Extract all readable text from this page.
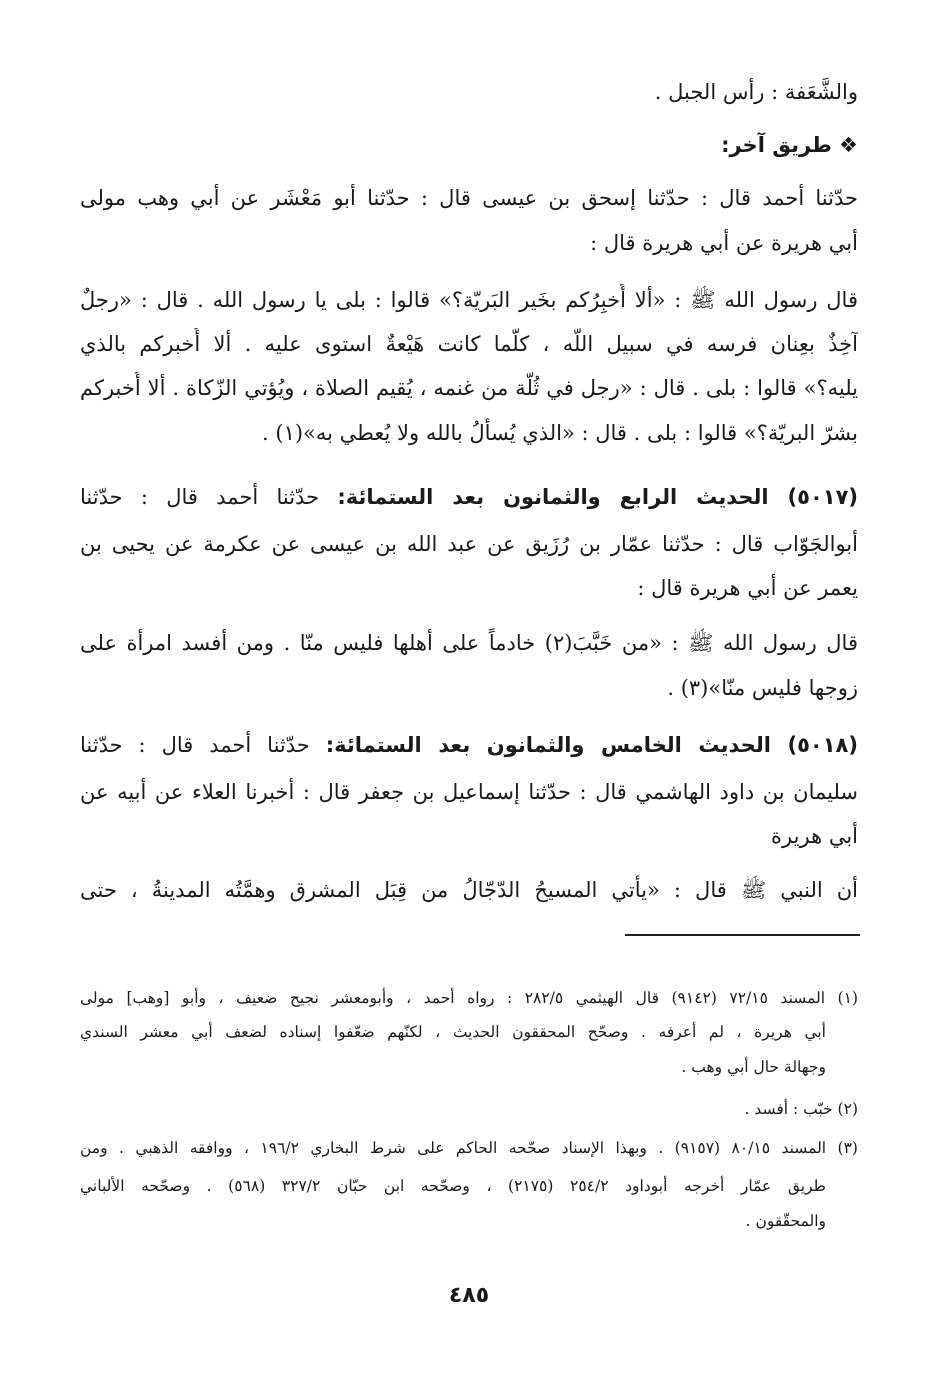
والشَّعَفة : رأس الجبل .
❖ طريق آخر:
حدّثنا أحمد قال : حدّثنا إسحق بن عيسى قال : حدّثنا أبو مَعْشَر عن أبي وهب مولى
أبي هريرة عن أبي هريرة قال :
قال رسول الله ﷺ : «ألا أُخبِرُكم بخَير البَريّة؟» قالوا : بلى يا رسول الله . قال : «رجلٌ
آخِذٌ بعِنان فرسه في سبيل اللّه ، كلّما كانت هَيْعةٌ استوى عليه . ألا أُخبركم بالذي
يليه؟» قالوا : بلى . قال : «رجل في ثُلّة من غنمه ، يُقيم الصلاة ، ويُؤتي الزّكاة . ألا أُخبركم
بشرّ البريّة؟» قالوا : بلى . قال : «الذي يُسألُ بالله ولا يُعطي به»(١) .
(٥٠١٧) الحديث الرابع والثمانون بعد الستمائة: حدّثنا أحمد قال : حدّثنا
أبوالجَوّاب قال : حدّثنا عمّار بن رُزَيق عن عبد الله بن عيسى عن عكرمة عن يحيى بن
يعمر عن أبي هريرة قال :
قال رسول الله ﷺ : «من خَبَّبَ(٢) خادماً على أهلها فليس منّا . ومن أفسد امرأة على
زوجها فليس منّا»(٣) .
(٥٠١٨) الحديث الخامس والثمانون بعد الستمائة: حدّثنا أحمد قال : حدّثنا
سليمان بن داود الهاشمي قال : حدّثنا إسماعيل بن جعفر قال : أخبرنا العلاء عن أبيه عن
أبي هريرة
أن النبي ﷺ قال : «يأتي المسيحُ الدّجّالُ من قِبَل المشرق وهمَّتُه المدينةُ ، حتى
(١) المسند ٧٢/١٥ (٩١٤٢) قال الهيثمي ٢٨٢/٥ : رواه أحمد ، وأبومعشر نجيح ضعيف ، وأبو [وهب] مولى
أبي هريرة ، لم أعرفه . وصحّح المحققون الحديث ، لكنّهم ضعّفوا إسناده لضعف أبي معشر السندي
وجهالة حال أبي وهب .
(٢) خبّب : أفسد .
(٣) المسند ٨٠/١٥ (٩١٥٧) . وبهذا الإسناد صحّحه الحاكم على شرط البخاري ١٩٦/٢ ، ووافقه الذهبي . ومن
طريق عمّار أخرجه أبوداود ٢٥٤/٢ (٢١٧٥) ، وصحّحه ابن حبّان ٣٢٧/٢ (٥٦٨) . وصحّحه الألباني
والمحقّقون .
٤٨٥
